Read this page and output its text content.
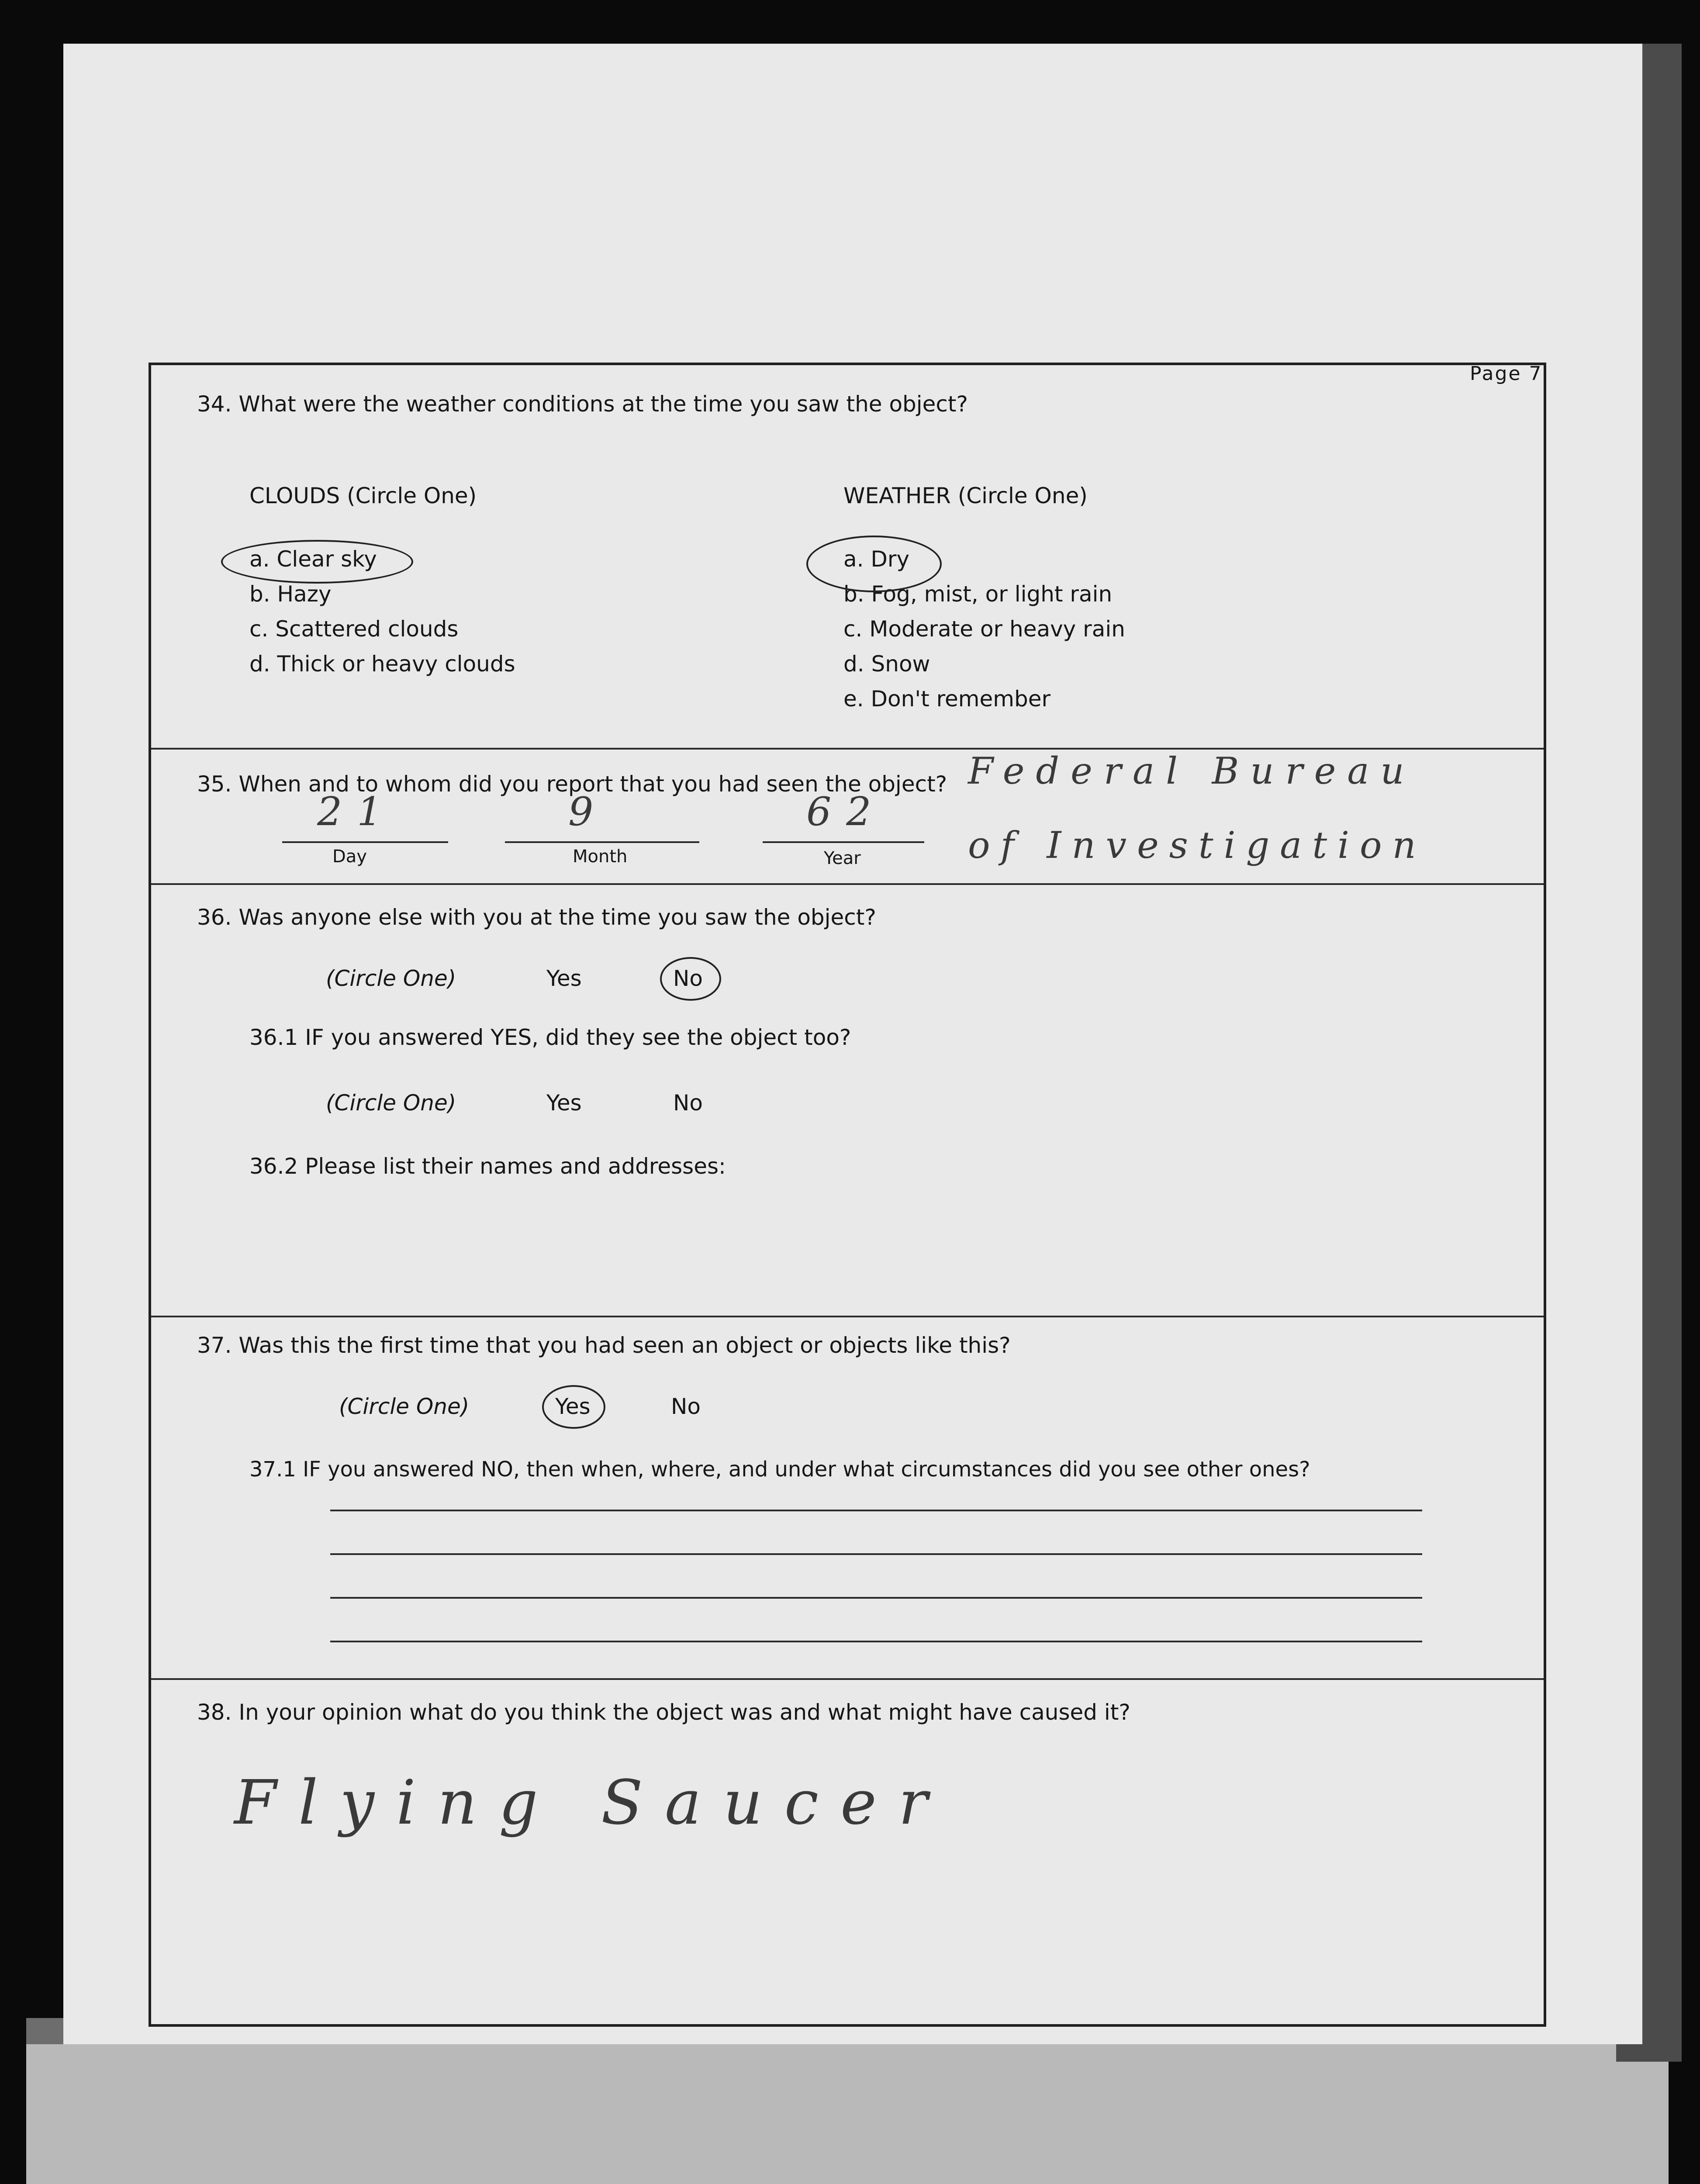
Page 7
34. What were the weather conditions at the time you saw the object?
CLOUDS (Circle One)	WEATHER (Circle One)
a. Clear sky
b. Hazy
c. Scattered clouds
d. Thick or heavy clouds
a. Dry
b. Fog, mist, or light rain
c. Moderate or heavy rain
d. Snow
e. Don't remember
35. When and to whom did you report that you had seen the object?
21
Day
9
Month
62
Year
Federal Bureau
of Investigation
36. Was anyone else with you at the time you saw the object?
(Circle One)	Yes	No
36.1 IF you answered YES, did they see the object too?
(Circle One)	Yes	No
36.2 Please list their names and addresses:
37. Was this the first time that you had seen an object or objects like this?
(Circle One)	Yes	No
37.1 IF you answered NO, then when, where, and under what circumstances did you see other ones?
38. In your opinion what do you think the object was and what might have caused it?
Flying Saucer
